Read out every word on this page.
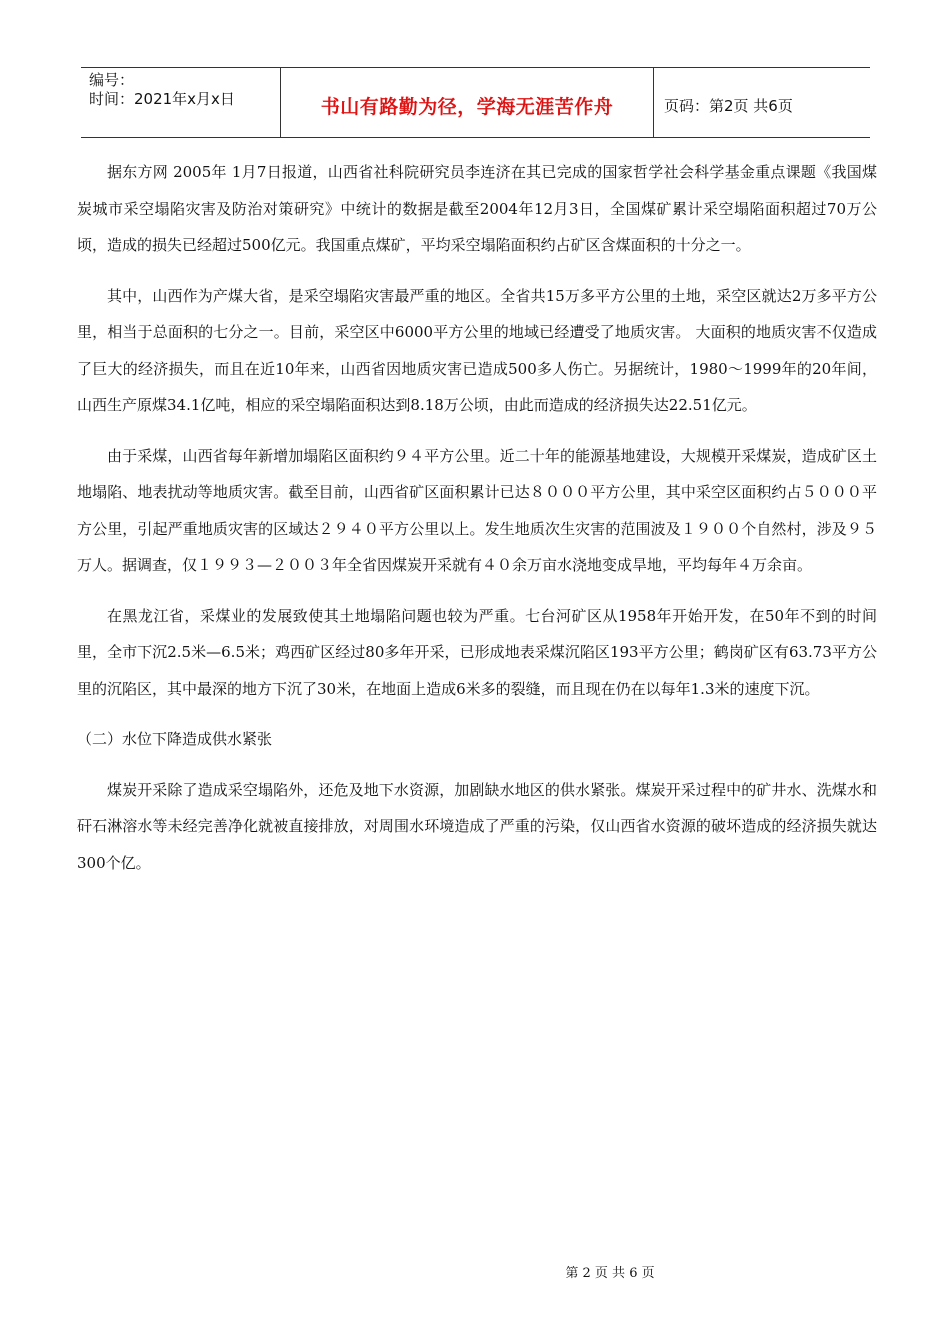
编号：
时间：2021年x月x日	书山有路勤为径，学海无涯苦作舟	页码：第2页 共6页

据东方网 2005年 1月7日报道，山西省社科院研究员李连济在其已完成的国家哲学社会科学基金重点课题《我国煤炭城市采空塌陷灾害及防治对策研究》中统计的数据是截至2004年12月3日，全国煤矿累计采空塌陷面积超过70万公顷，造成的损失已经超过500亿元。我国重点煤矿，平均采空塌陷面积约占矿区含煤面积的十分之一。

其中，山西作为产煤大省，是采空塌陷灾害最严重的地区。全省共15万多平方公里的土地，采空区就达2万多平方公里，相当于总面积的七分之一。目前，采空区中6000平方公里的地域已经遭受了地质灾害。 大面积的地质灾害不仅造成了巨大的经济损失，而且在近10年来，山西省因地质灾害已造成500多人伤亡。另据统计，1980～1999年的20年间，山西生产原煤34.1亿吨，相应的采空塌陷面积达到8.18万公顷，由此而造成的经济损失达22.51亿元。

由于采煤，山西省每年新增加塌陷区面积约９４平方公里。近二十年的能源基地建设，大规模开采煤炭，造成矿区土地塌陷、地表扰动等地质灾害。截至目前，山西省矿区面积累计已达８０００平方公里，其中采空区面积约占５０００平方公里，引起严重地质灾害的区域达２９４０平方公里以上。发生地质次生灾害的范围波及１９００个自然村，涉及９５万人。据调查，仅１９９３—２００３年全省因煤炭开采就有４０余万亩水浇地变成旱地，平均每年４万余亩。

在黑龙江省，采煤业的发展致使其土地塌陷问题也较为严重。七台河矿区从1958年开始开发，在50年不到的时间里，全市下沉2.5米—6.5米；鸡西矿区经过80多年开采，已形成地表采煤沉陷区193平方公里；鹤岗矿区有63.73平方公里的沉陷区，其中最深的地方下沉了30米，在地面上造成6米多的裂缝，而且现在仍在以每年1.3米的速度下沉。

（二）水位下降造成供水紧张

煤炭开采除了造成采空塌陷外，还危及地下水资源，加剧缺水地区的供水紧张。煤炭开采过程中的矿井水、洗煤水和矸石淋溶水等未经完善净化就被直接排放，对周围水环境造成了严重的污染，仅山西省水资源的破坏造成的经济损失就达300个亿。

第 2 页 共 6 页
